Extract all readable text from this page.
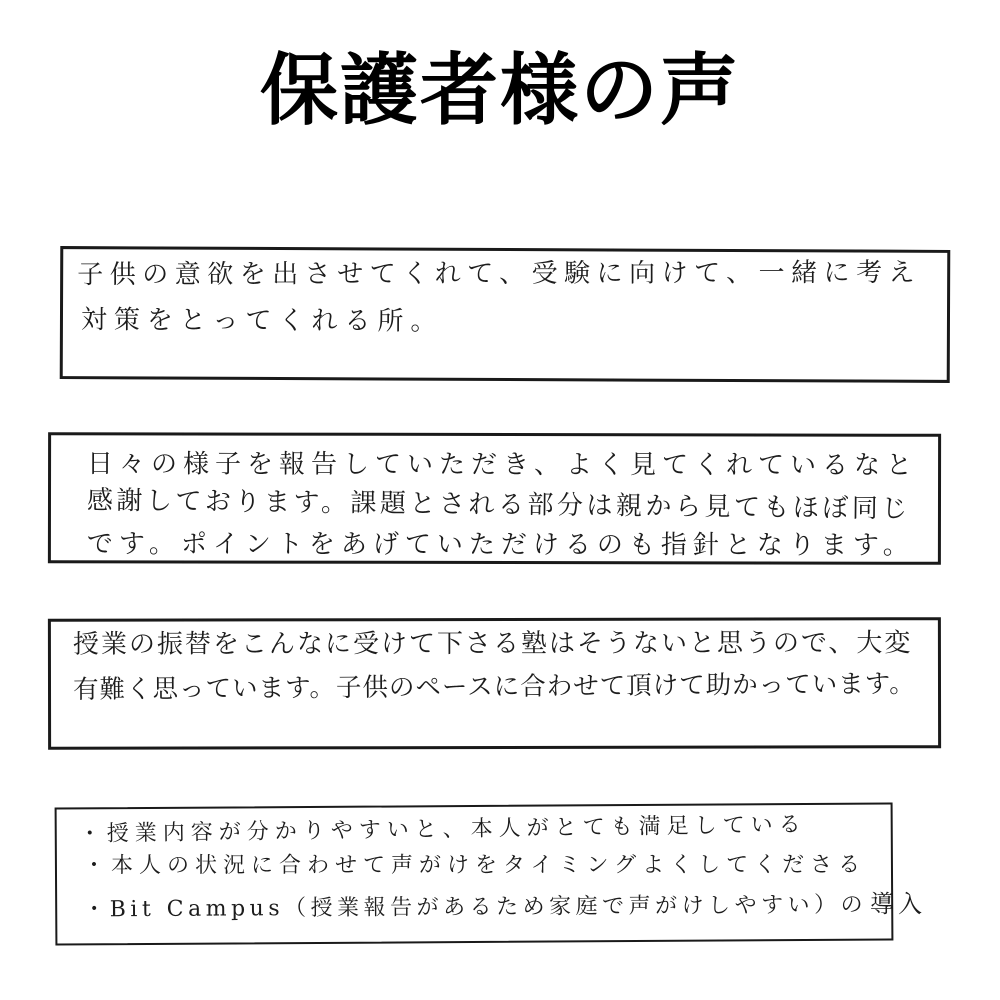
保護者様の声
子供の意欲を出させてくれて、受験に向けて、一緒に考え
対策をとってくれる所。
日々の様子を報告していただき、よく見てくれているなと
感謝しております。課題とされる部分は親から見てもほぼ同じ
です。ポイントをあげていただけるのも指針となります。
授業の振替をこんなに受けて下さる塾はそうないと思うので、大変
有難く思っています。子供のペースに合わせて頂けて助かっています。
・授業内容が分かりやすいと、本人がとても満足している
・本人の状況に合わせて声がけをタイミングよくしてくださる
・Bit Campus（授業報告があるため家庭で声がけしやすい）の 導入
